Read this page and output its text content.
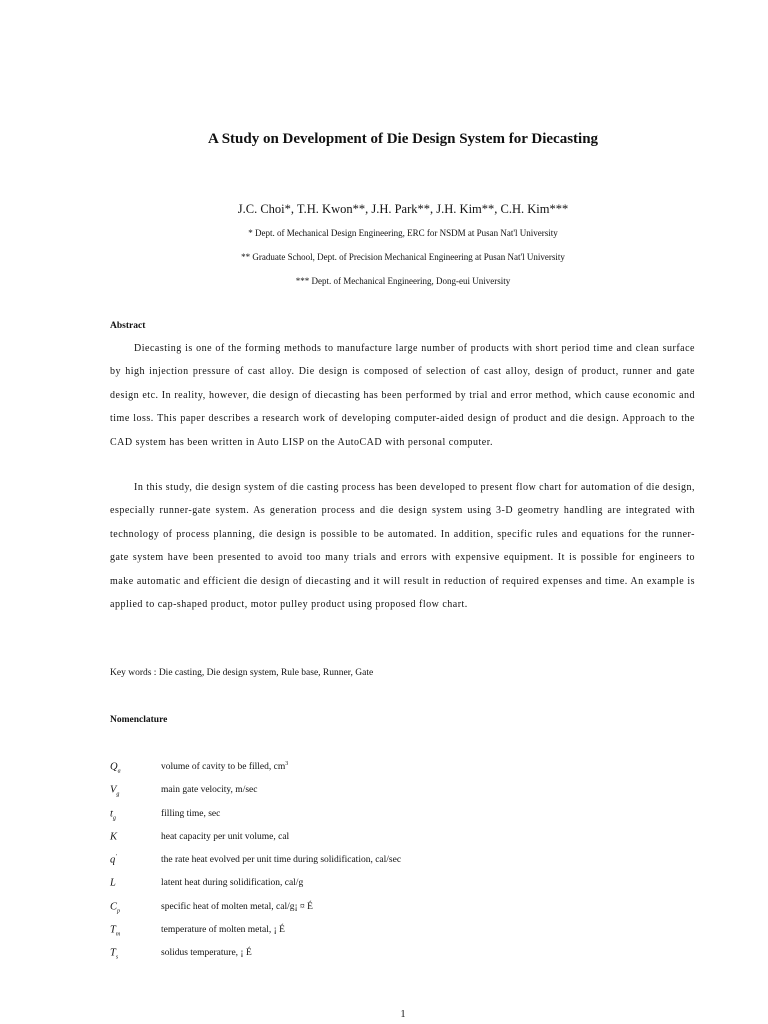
A Study on Development of Die Design System for Diecasting
J.C. Choi*, T.H. Kwon**, J.H. Park**, J.H. Kim**, C.H. Kim***
* Dept. of Mechanical Design Engineering, ERC for NSDM at Pusan Nat'l University
** Graduate School, Dept. of Precision Mechanical Engineering at Pusan Nat'l University
*** Dept. of Mechanical Engineering, Dong-eui University
Abstract

Diecasting is one of the forming methods to manufacture large number of products with short period time and clean surface by high injection pressure of cast alloy. Die design is composed of selection of cast alloy, design of product, runner and gate design etc. In reality, however, die design of diecasting has been performed by trial and error method, which cause economic and time loss. This paper describes a research work of developing computer-aided design of product and die design. Approach to the CAD system has been written in Auto LISP on the AutoCAD with personal computer.

In this study, die design system of die casting process has been developed to present flow chart for automation of die design, especially runner-gate system. As generation process and die design system using 3-D geometry handling are integrated with technology of process planning, die design is possible to be automated. In addition, specific rules and equations for the runner-gate system have been presented to avoid too many trials and errors with expensive equipment. It is possible for engineers to make automatic and efficient die design of diecasting and it will result in reduction of required expenses and time. An example is applied to cap-shaped product, motor pulley product using proposed flow chart.

Key words : Die casting, Die design system, Rule base, Runner, Gate
Nomenclature
$Q_a$	volume of cavity to be filled, $cm^3$
$V_g$	main gate velocity, m/sec
$t_g$	filling time, sec
K	heat capacity per unit volume, cal
q'	the rate heat evolved per unit time during solidification, cal/sec
L	latent heat during solidification, cal/g
$C_p$	specific heat of molten metal, cal/g¡ ¤ É
$T_m$	temperature of molten metal, ¡ É
$T_s$	solidus temperature, ¡ É
1
